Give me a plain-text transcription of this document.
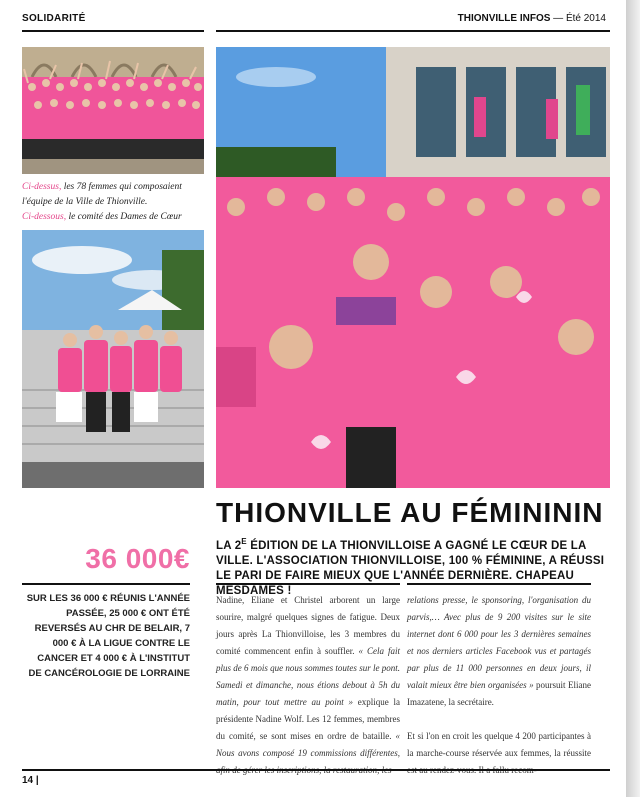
SOLIDARITÉ	THIONVILLE INFOS — Été 2014
Ci-dessus, les 78 femmes qui composaient l'équipe de la Ville de Thionville.
Ci-dessous, le comité des Dames de Cœur
THIONVILLE AU FÉMINININ
LA $2^E$ ÉDITION DE LA THIONVILLOISE A GAGNÉ LE CŒUR DE LA VILLE. L'ASSOCIATION THIONVILLOISE, 100 % FÉMININE, A RÉUSSI LE PARI DE FAIRE MIEUX QUE L'ANNÉE DERNIÈRE. CHAPEAU MESDAMES !
36 000€
SUR LES 36 000 € RÉUNIS L'ANNÉE PASSÉE, 25 000 € ONT ÉTÉ REVERSÉS AU CHR DE BELAIR, 7 000 € À LA LIGUE CONTRE LE CANCER ET 4 000 € À L'INSTITUT DE CANCÉROLOGIE DE LORRAINE
Nadine, Eliane et Christel arborent un large sourire, malgré quelques signes de fatigue. Deux jours après La Thionvilloise, les 3 membres du comité commencent enfin à souffler. « Cela fait plus de 6 mois que nous sommes toutes sur le pont. Samedi et dimanche, nous étions debout à 5h du matin, pour tout mettre au point » explique la présidente Nadine Wolf. Les 12 femmes, membres du comité, se sont mises en ordre de bataille. « Nous avons composé 19 commissions différentes,
relations presse, le sponsoring, l'organisation du parvis,… Avec plus de 9 200 visites sur le site internet dont 6 000 pour les 3 dernières semaines et nos derniers articles Facebook vus et partagés par plus de 11 000 personnes en deux jours, il valait mieux être bien organisées » poursuit Eliane Imazatene, la secrétaire.

Et si l'on en croit les quelque 4 200 participantes à la marche-course réservée aux femmes, la réussite
14 |
